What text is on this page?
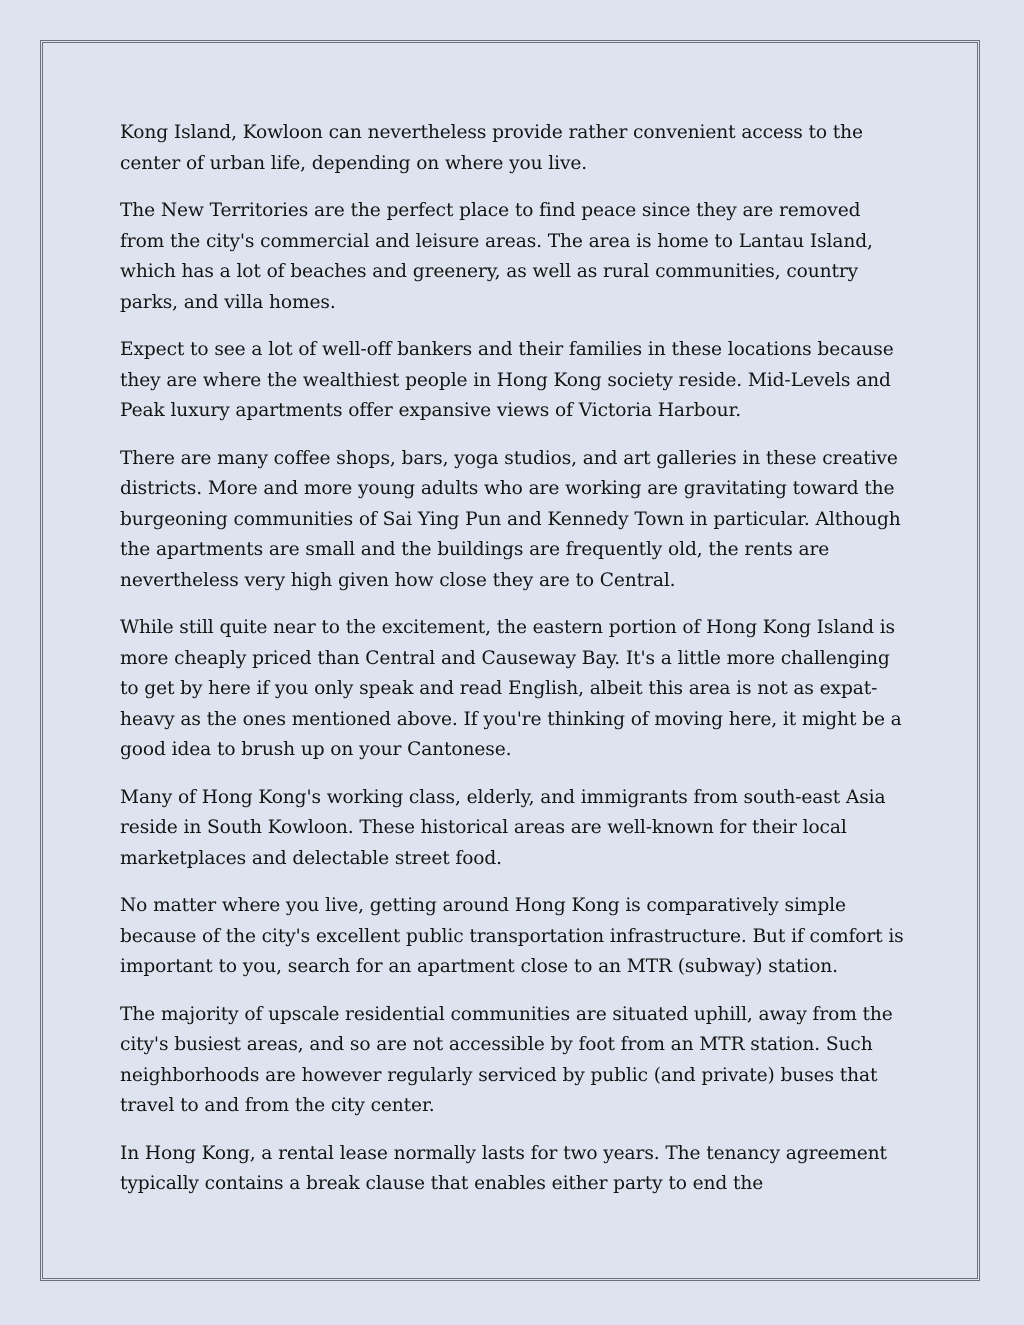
Kong Island, Kowloon can nevertheless provide rather convenient access to the center of urban life, depending on where you live.

The New Territories are the perfect place to find peace since they are removed from the city's commercial and leisure areas. The area is home to Lantau Island, which has a lot of beaches and greenery, as well as rural communities, country parks, and villa homes.

Expect to see a lot of well-off bankers and their families in these locations because they are where the wealthiest people in Hong Kong society reside. Mid-Levels and Peak luxury apartments offer expansive views of Victoria Harbour.

There are many coffee shops, bars, yoga studios, and art galleries in these creative districts. More and more young adults who are working are gravitating toward the burgeoning communities of Sai Ying Pun and Kennedy Town in particular. Although the apartments are small and the buildings are frequently old, the rents are nevertheless very high given how close they are to Central.

While still quite near to the excitement, the eastern portion of Hong Kong Island is more cheaply priced than Central and Causeway Bay. It's a little more challenging to get by here if you only speak and read English, albeit this area is not as expat-heavy as the ones mentioned above. If you're thinking of moving here, it might be a good idea to brush up on your Cantonese.

Many of Hong Kong's working class, elderly, and immigrants from south-east Asia reside in South Kowloon. These historical areas are well-known for their local marketplaces and delectable street food.

No matter where you live, getting around Hong Kong is comparatively simple because of the city's excellent public transportation infrastructure. But if comfort is important to you, search for an apartment close to an MTR (subway) station.

The majority of upscale residential communities are situated uphill, away from the city's busiest areas, and so are not accessible by foot from an MTR station. Such neighborhoods are however regularly serviced by public (and private) buses that travel to and from the city center.

In Hong Kong, a rental lease normally lasts for two years. The tenancy agreement typically contains a break clause that enables either party to end the
